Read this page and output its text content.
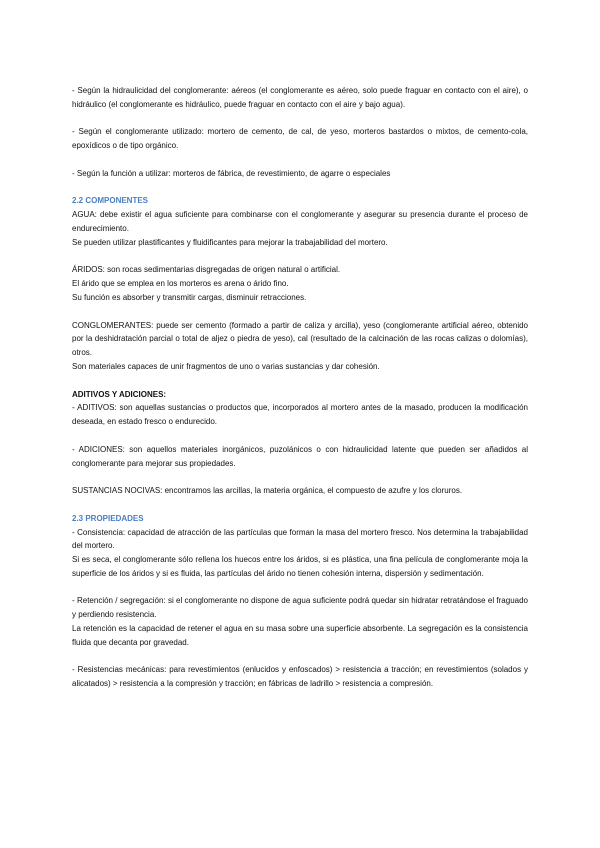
- Según la hidraulicidad del conglomerante: aéreos (el conglomerante es aéreo, solo puede fraguar en contacto con el aire), o hidráulico (el conglomerante es hidráulico, puede fraguar en contacto con el aire y bajo agua).

- Según el conglomerante utilizado: mortero de cemento, de cal, de yeso, morteros bastardos o mixtos, de cemento-cola, epoxídicos o de tipo orgánico.

- Según la función a utilizar: morteros de fábrica, de revestimiento, de agarre o especiales

2.2 COMPONENTES

AGUA: debe existir el agua suficiente para combinarse con el conglomerante y asegurar su presencia durante el proceso de endurecimiento.

Se pueden utilizar plastificantes y fluidificantes para mejorar la trabajabilidad del mortero.

ÁRIDOS: son rocas sedimentarias disgregadas de origen natural o artificial.

El árido que se emplea en los morteros es arena o árido fino.

Su función es absorber y transmitir cargas, disminuir retracciones.

CONGLOMERANTES: puede ser cemento (formado a partir de caliza y arcilla), yeso (conglomerante artificial aéreo, obtenido por la deshidratación parcial o total de aljez o piedra de yeso), cal (resultado de la calcinación de las rocas calizas o dolomías), otros.

Son materiales capaces de unir fragmentos de uno o varias sustancias y dar cohesión.

ADITIVOS Y ADICIONES:

- ADITIVOS: son aquellas sustancias o productos que, incorporados al mortero antes de la masado, producen la modificación deseada, en estado fresco o endurecido.

- ADICIONES: son aquellos materiales inorgánicos, puzolánicos o con hidraulicidad latente que pueden ser añadidos al conglomerante para mejorar sus propiedades.

SUSTANCIAS NOCIVAS: encontramos las arcillas, la materia orgánica, el compuesto de azufre y los cloruros.

2.3 PROPIEDADES

- Consistencia: capacidad de atracción de las partículas que forman la masa del mortero fresco. Nos determina la trabajabilidad del mortero.

Si es seca, el conglomerante sólo rellena los huecos entre los áridos, si es plástica, una fina película de conglomerante moja la superficie de los áridos y si es fluida, las partículas del árido no tienen cohesión interna, dispersión y sedimentación.

- Retención / segregación: si el conglomerante no dispone de agua suficiente podrá quedar sin hidratar retratándose el fraguado y perdiendo resistencia.

La retención es la capacidad de retener el agua en su masa sobre una superficie absorbente. La segregación es la consistencia fluida que decanta por gravedad.

- Resistencias mecánicas: para revestimientos (enlucidos y enfoscados) > resistencia a tracción; en revestimientos (solados y alicatados) > resistencia a la compresión y tracción; en fábricas de ladrillo > resistencia a compresión.
